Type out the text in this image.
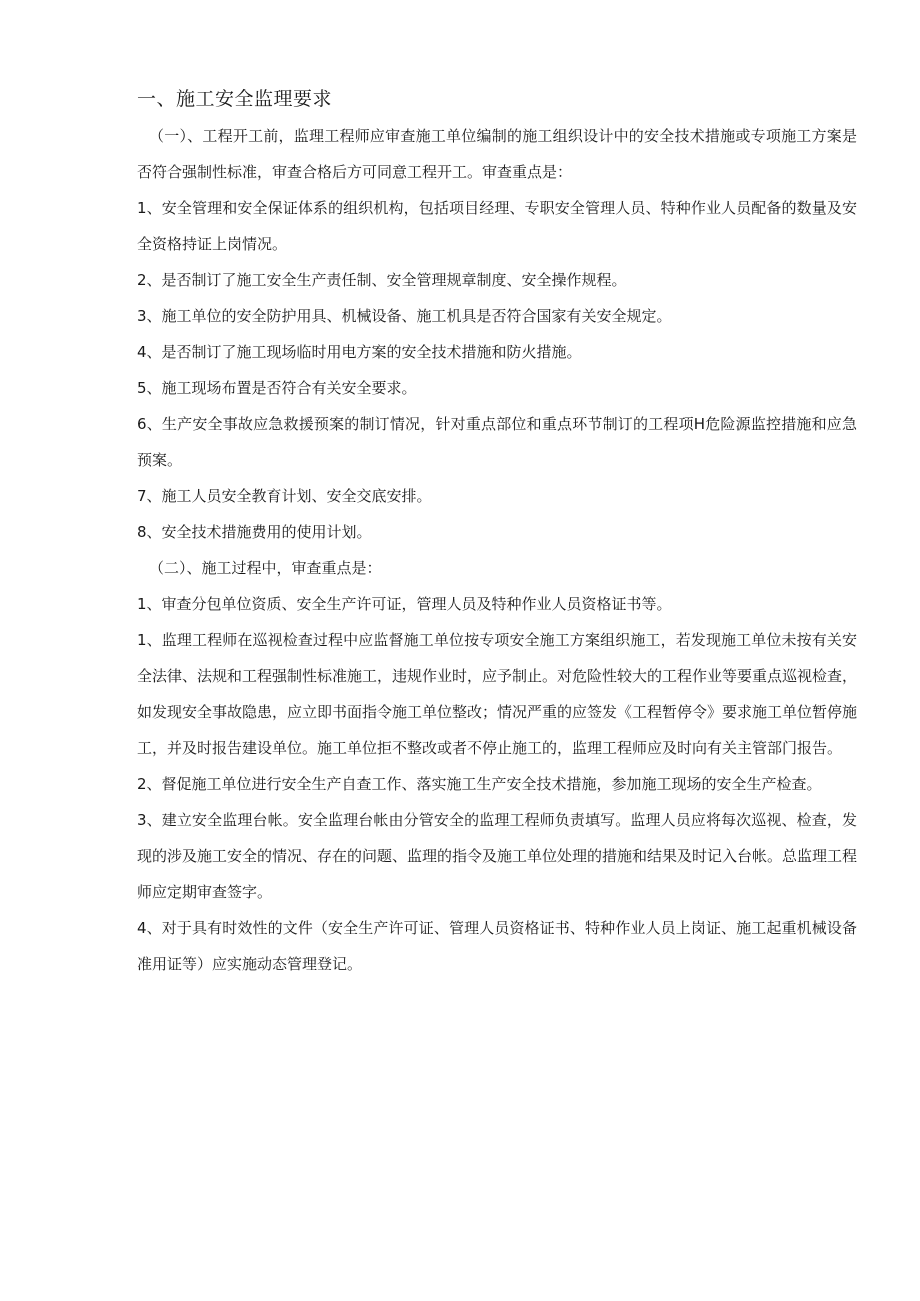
一、施工安全监理要求

（一）、工程开工前，监理工程师应审查施工单位编制的施工组织设计中的安全技术措施或专项施工方案是否符合强制性标准，审查合格后方可同意工程开工。审查重点是：

1、安全管理和安全保证体系的组织机构，包括项目经理、专职安全管理人员、特种作业人员配备的数量及安全资格持证上岗情况。

2、是否制订了施工安全生产责任制、安全管理规章制度、安全操作规程。

3、施工单位的安全防护用具、机械设备、施工机具是否符合国家有关安全规定。

4、是否制订了施工现场临时用电方案的安全技术措施和防火措施。

5、施工现场布置是否符合有关安全要求。

6、生产安全事故应急救援预案的制订情况，针对重点部位和重点环节制订的工程项H危险源监控措施和应急预案。

7、施工人员安全教育计划、安全交底安排。

8、安全技术措施费用的使用计划。

（二）、施工过程中，审查重点是：

1、审查分包单位资质、安全生产许可证，管理人员及特种作业人员资格证书等。

1、监理工程师在巡视检查过程中应监督施工单位按专项安全施工方案组织施工，若发现施工单位未按有关安全法律、法规和工程强制性标准施工，违规作业时，应予制止。对危险性较大的工程作业等要重点巡视检查，如发现安全事故隐患，应立即书面指令施工单位整改；情况严重的应签发《工程暂停令》要求施工单位暂停施工，并及时报告建设单位。施工单位拒不整改或者不停止施工的，监理工程师应及时向有关主管部门报告。

2、督促施工单位进行安全生产自查工作、落实施工生产安全技术措施，参加施工现场的安全生产检查。

3、建立安全监理台帐。安全监理台帐由分管安全的监理工程师负责填写。监理人员应将每次巡视、检查，发现的涉及施工安全的情况、存在的问题、监理的指令及施工单位处理的措施和结果及时记入台帐。总监理工程师应定期审查签字。

4、对于具有时效性的文件（安全生产许可证、管理人员资格证书、特种作业人员上岗证、施工起重机械设备准用证等）应实施动态管理登记。
